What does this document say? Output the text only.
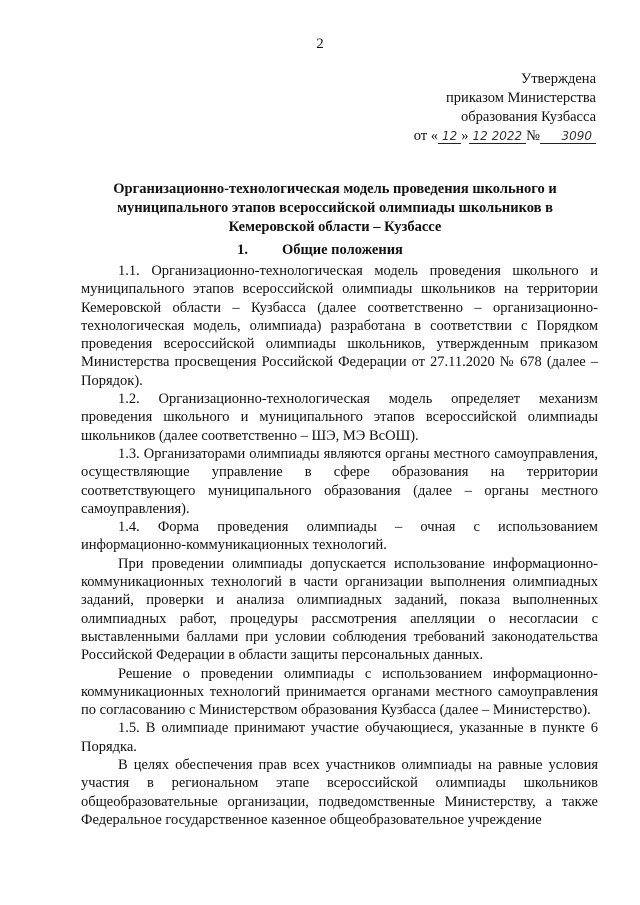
2
Утверждена
приказом Министерства
образования Кузбасса
от « 12 » 12 2022 № 3090
Организационно-технологическая модель проведения школьного и муниципального этапов всероссийской олимпиады школьников в Кемеровской области – Кузбассе
1. Общие положения

1.1. Организационно-технологическая модель проведения школьного и муниципального этапов всероссийской олимпиады школьников на территории Кемеровской области – Кузбасса (далее соответственно – организационно-технологическая модель, олимпиада) разработана в соответствии с Порядком проведения всероссийской олимпиады школьников, утвержденным приказом Министерства просвещения Российской Федерации от 27.11.2020 № 678 (далее – Порядок).

1.2. Организационно-технологическая модель определяет механизм проведения школьного и муниципального этапов всероссийской олимпиады школьников (далее соответственно – ШЭ, МЭ ВсОШ).

1.3. Организаторами олимпиады являются органы местного самоуправления, осуществляющие управление в сфере образования на территории соответствующего муниципального образования (далее – органы местного самоуправления).

1.4. Форма проведения олимпиады – очная с использованием информационно-коммуникационных технологий.

При проведении олимпиады допускается использование информационно-коммуникационных технологий в части организации выполнения олимпиадных заданий, проверки и анализа олимпиадных заданий, показа выполненных олимпиадных работ, процедуры рассмотрения апелляции о несогласии с выставленными баллами при условии соблюдения требований законодательства Российской Федерации в области защиты персональных данных.

Решение о проведении олимпиады с использованием информационно-коммуникационных технологий принимается органами местного самоуправления по согласованию с Министерством образования Кузбасса (далее – Министерство).

1.5. В олимпиаде принимают участие обучающиеся, указанные в пункте 6 Порядка.

В целях обеспечения прав всех участников олимпиады на равные условия участия в региональном этапе всероссийской олимпиады школьников общеобразовательные организации, подведомственные Министерству, а также Федеральное государственное казенное общеобразовательное учреждение
